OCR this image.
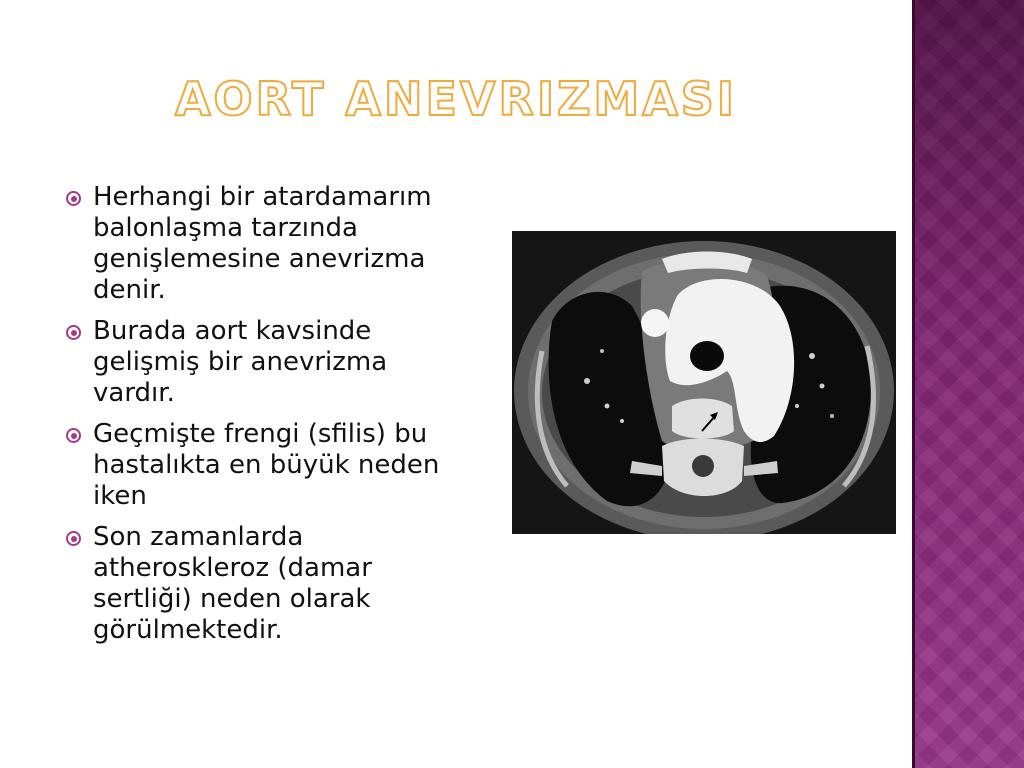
AORT ANEVRIZMASI
Herhangi bir atardamarım balonlaşma tarzında genişlemesine anevrizma denir.
Burada aort kavsinde gelişmiş bir anevrizma vardır.
Geçmişte frengi (sfilis) bu hastalıkta en büyük neden iken
Son zamanlarda atheroskleroz (damar sertliği) neden olarak görülmektedir.
